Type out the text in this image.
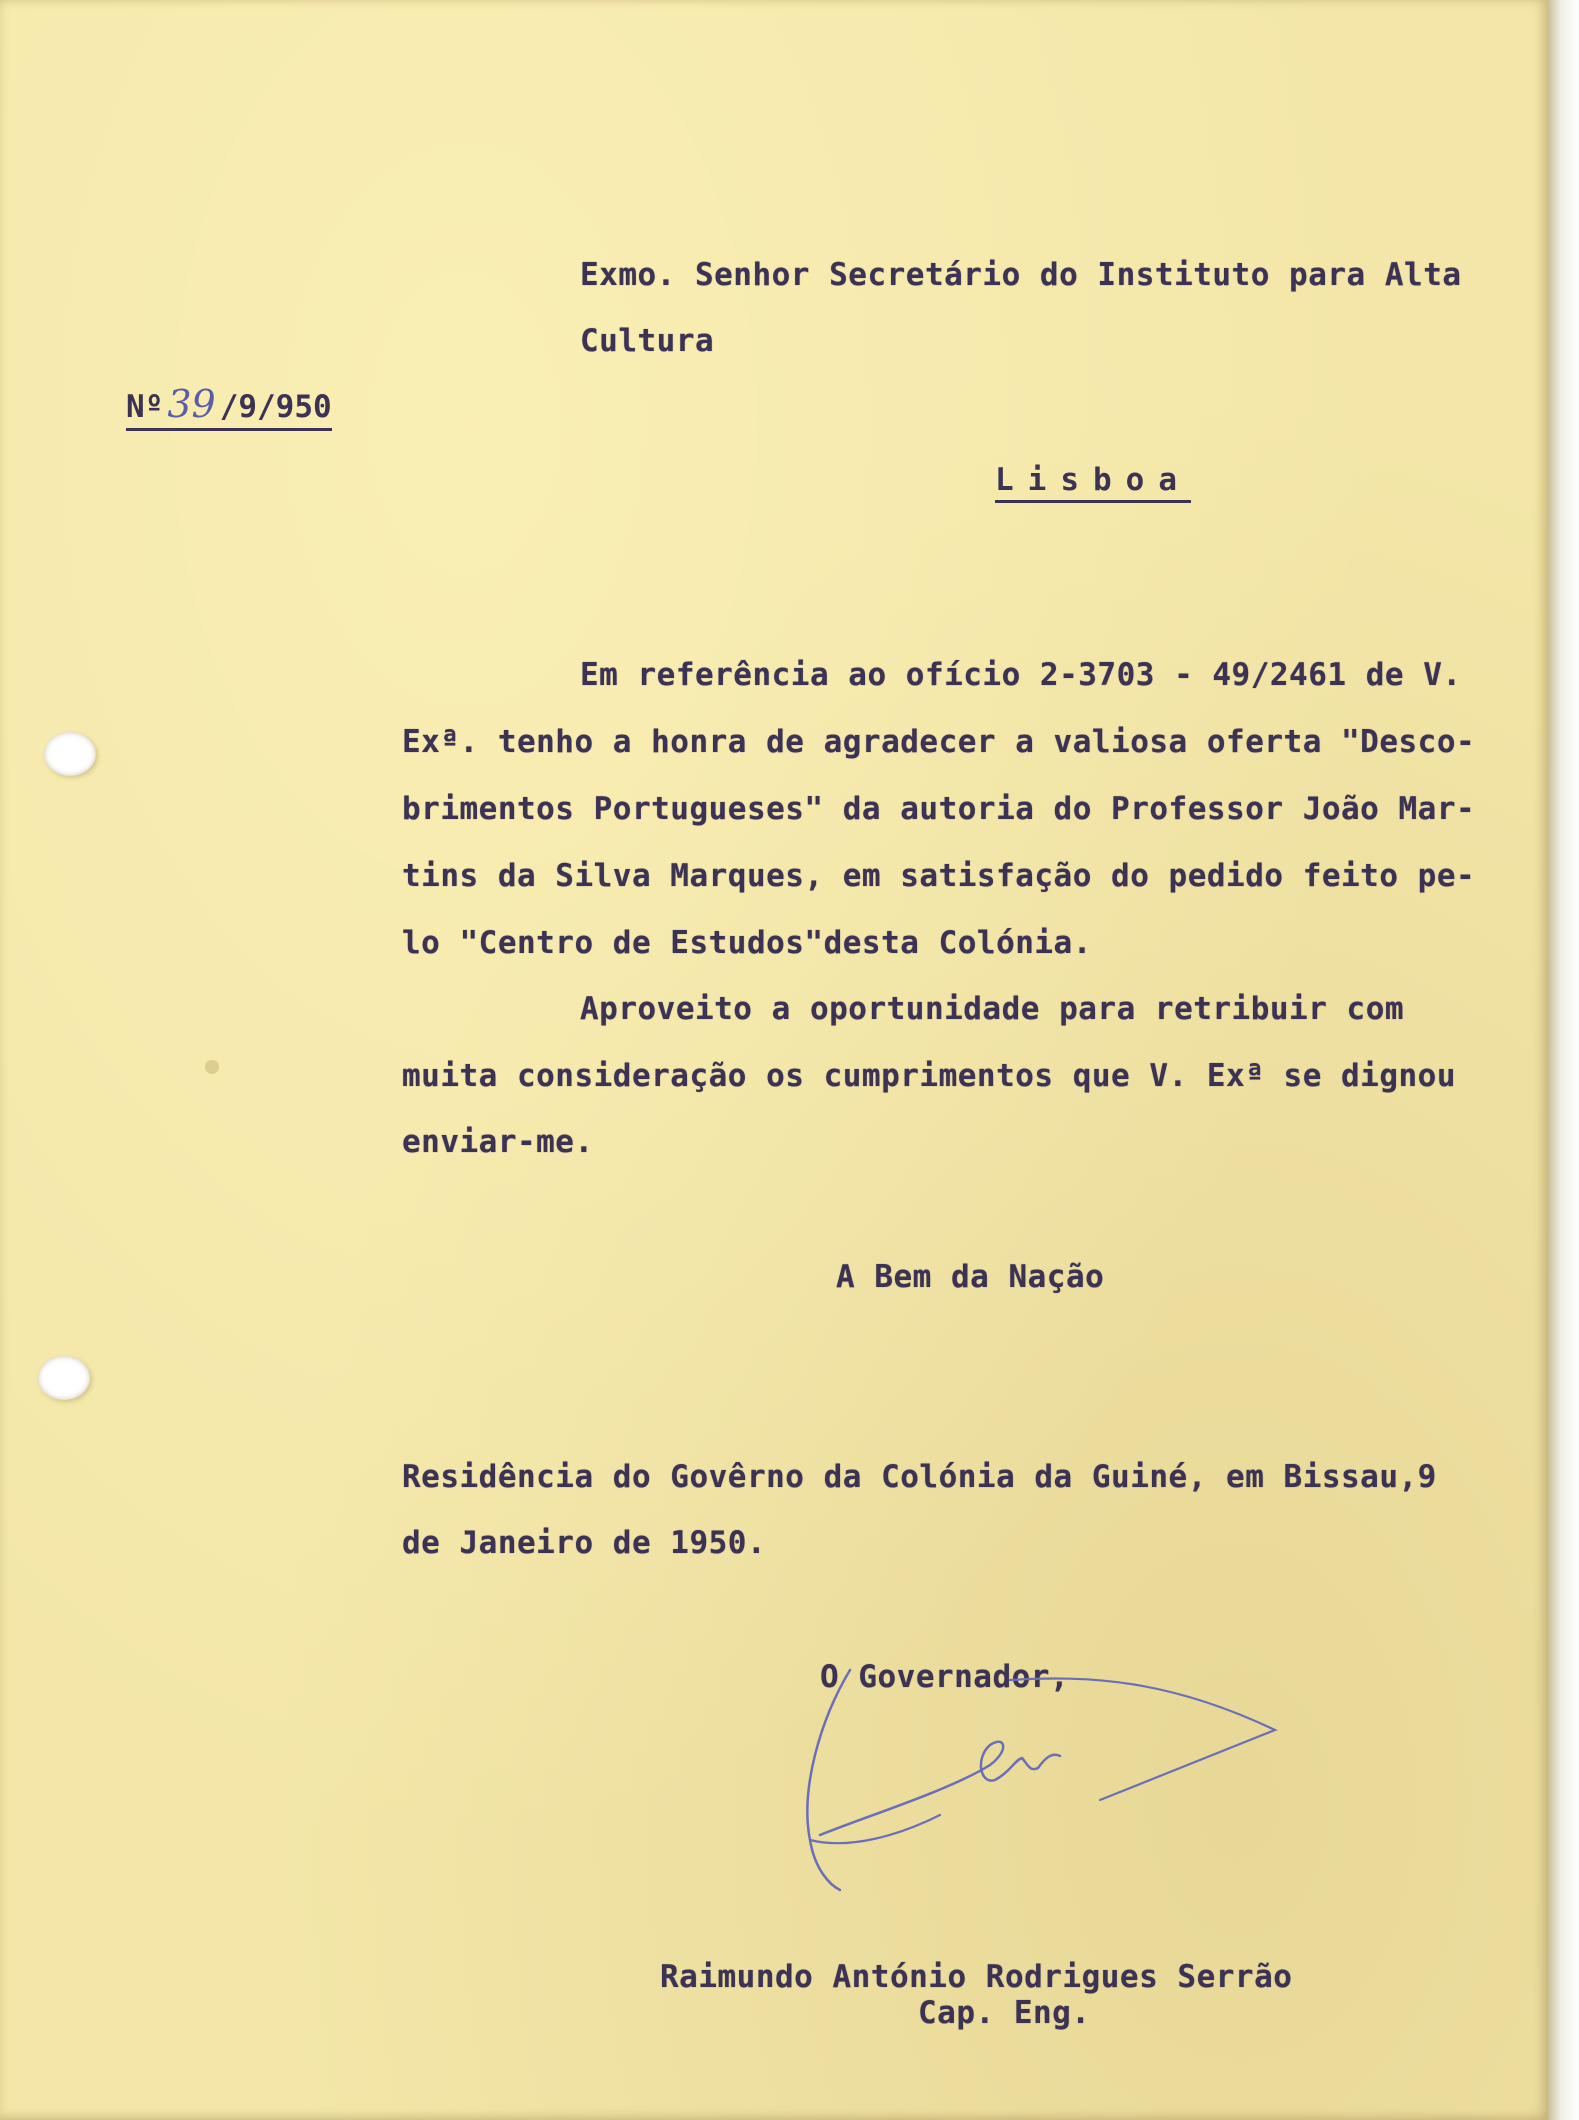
Exmo. Senhor Secretário do Instituto para Alta
Cultura
Nº 39 /9/950
Lisboa
Em referência ao ofício 2-3703 - 49/2461 de V.
Exª. tenho a honra de agradecer a valiosa oferta "Desco-
brimentos Portugueses" da autoria do Professor João Mar-
tins da Silva Marques, em satisfação do pedido feito pe-
lo "Centro de Estudos"desta Colónia.
Aproveito a oportunidade para retribuir com
muita consideração os cumprimentos que V. Exª se dignou
enviar-me.
A Bem da Nação
Residência do Govêrno da Colónia da Guiné, em Bissau,9
de Janeiro de 1950.
O Governador,
Raimundo António Rodrigues Serrão
Cap. Eng.
